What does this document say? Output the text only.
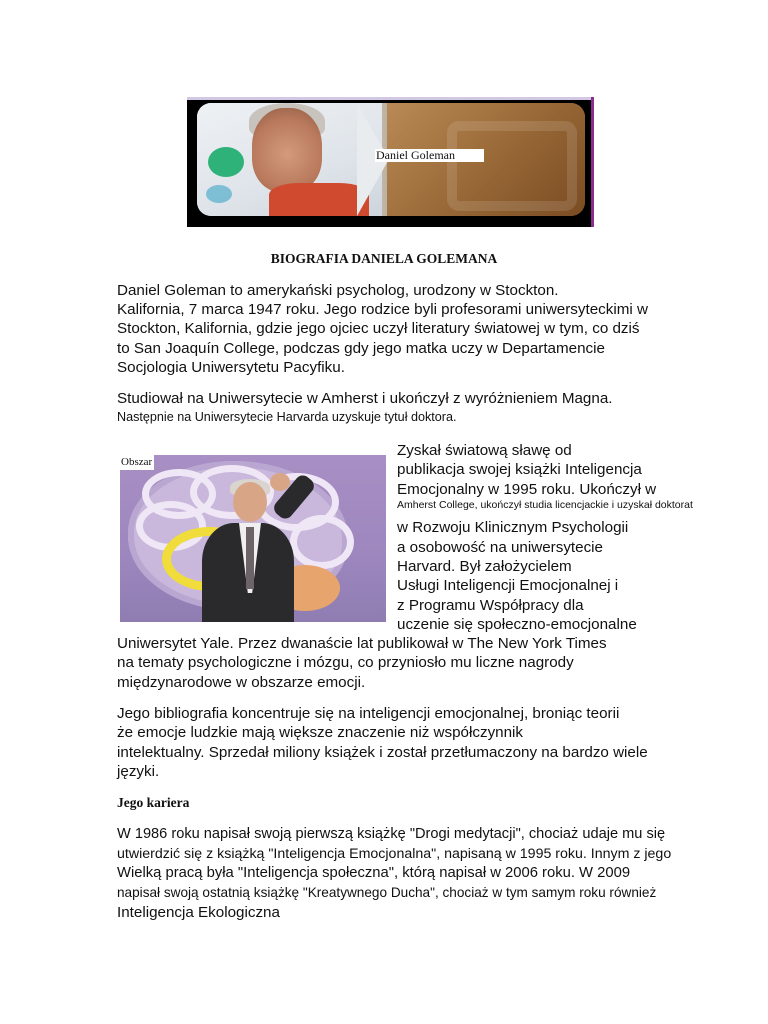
Daniel Goleman
BIOGRAFIA DANIELA GOLEMANA
Daniel Goleman to amerykański psycholog, urodzony w Stockton.
Kalifornia, 7 marca 1947 roku. Jego rodzice byli profesorami uniwersyteckimi w
Stockton, Kalifornia, gdzie jego ojciec uczył literatury światowej w tym, co dziś
to San Joaquín College, podczas gdy jego matka uczy w Departamencie
Socjologia Uniwersytetu Pacyfiku.
Studiował na Uniwersytecie w Amherst i ukończył z wyróżnieniem Magna.
Następnie na Uniwersytecie Harvarda uzyskuje tytuł doktora.
Obszar
Zyskał światową sławę od
publikacja swojej książki Inteligencja
Emocjonalny w 1995 roku. Ukończył w
Amherst College, ukończył studia licencjackie i uzyskał doktorat
w Rozwoju Klinicznym Psychologii
a osobowość na uniwersytecie
Harvard. Był założycielem
Usługi Inteligencji Emocjonalnej i
z Programu Współpracy dla
uczenie się społeczno-emocjonalne
Uniwersytet Yale. Przez dwanaście lat publikował w The New York Times
na tematy psychologiczne i mózgu, co przyniosło mu liczne nagrody
międzynarodowe w obszarze emocji.
Jego bibliografia koncentruje się na inteligencji emocjonalnej, broniąc teorii
że emocje ludzkie mają większe znaczenie niż współczynnik
intelektualny. Sprzedał miliony książek i został przetłumaczony na bardzo wiele
języki.
Jego kariera
W 1986 roku napisał swoją pierwszą książkę "Drogi medytacji", chociaż udaje mu się
utwierdzić się z książką "Inteligencja Emocjonalna", napisaną w 1995 roku. Innym z jego
Wielką pracą była "Inteligencja społeczna", którą napisał w 2006 roku. W 2009
napisał swoją ostatnią książkę "Kreatywnego Ducha", chociaż w tym samym roku również
Inteligencja Ekologiczna
